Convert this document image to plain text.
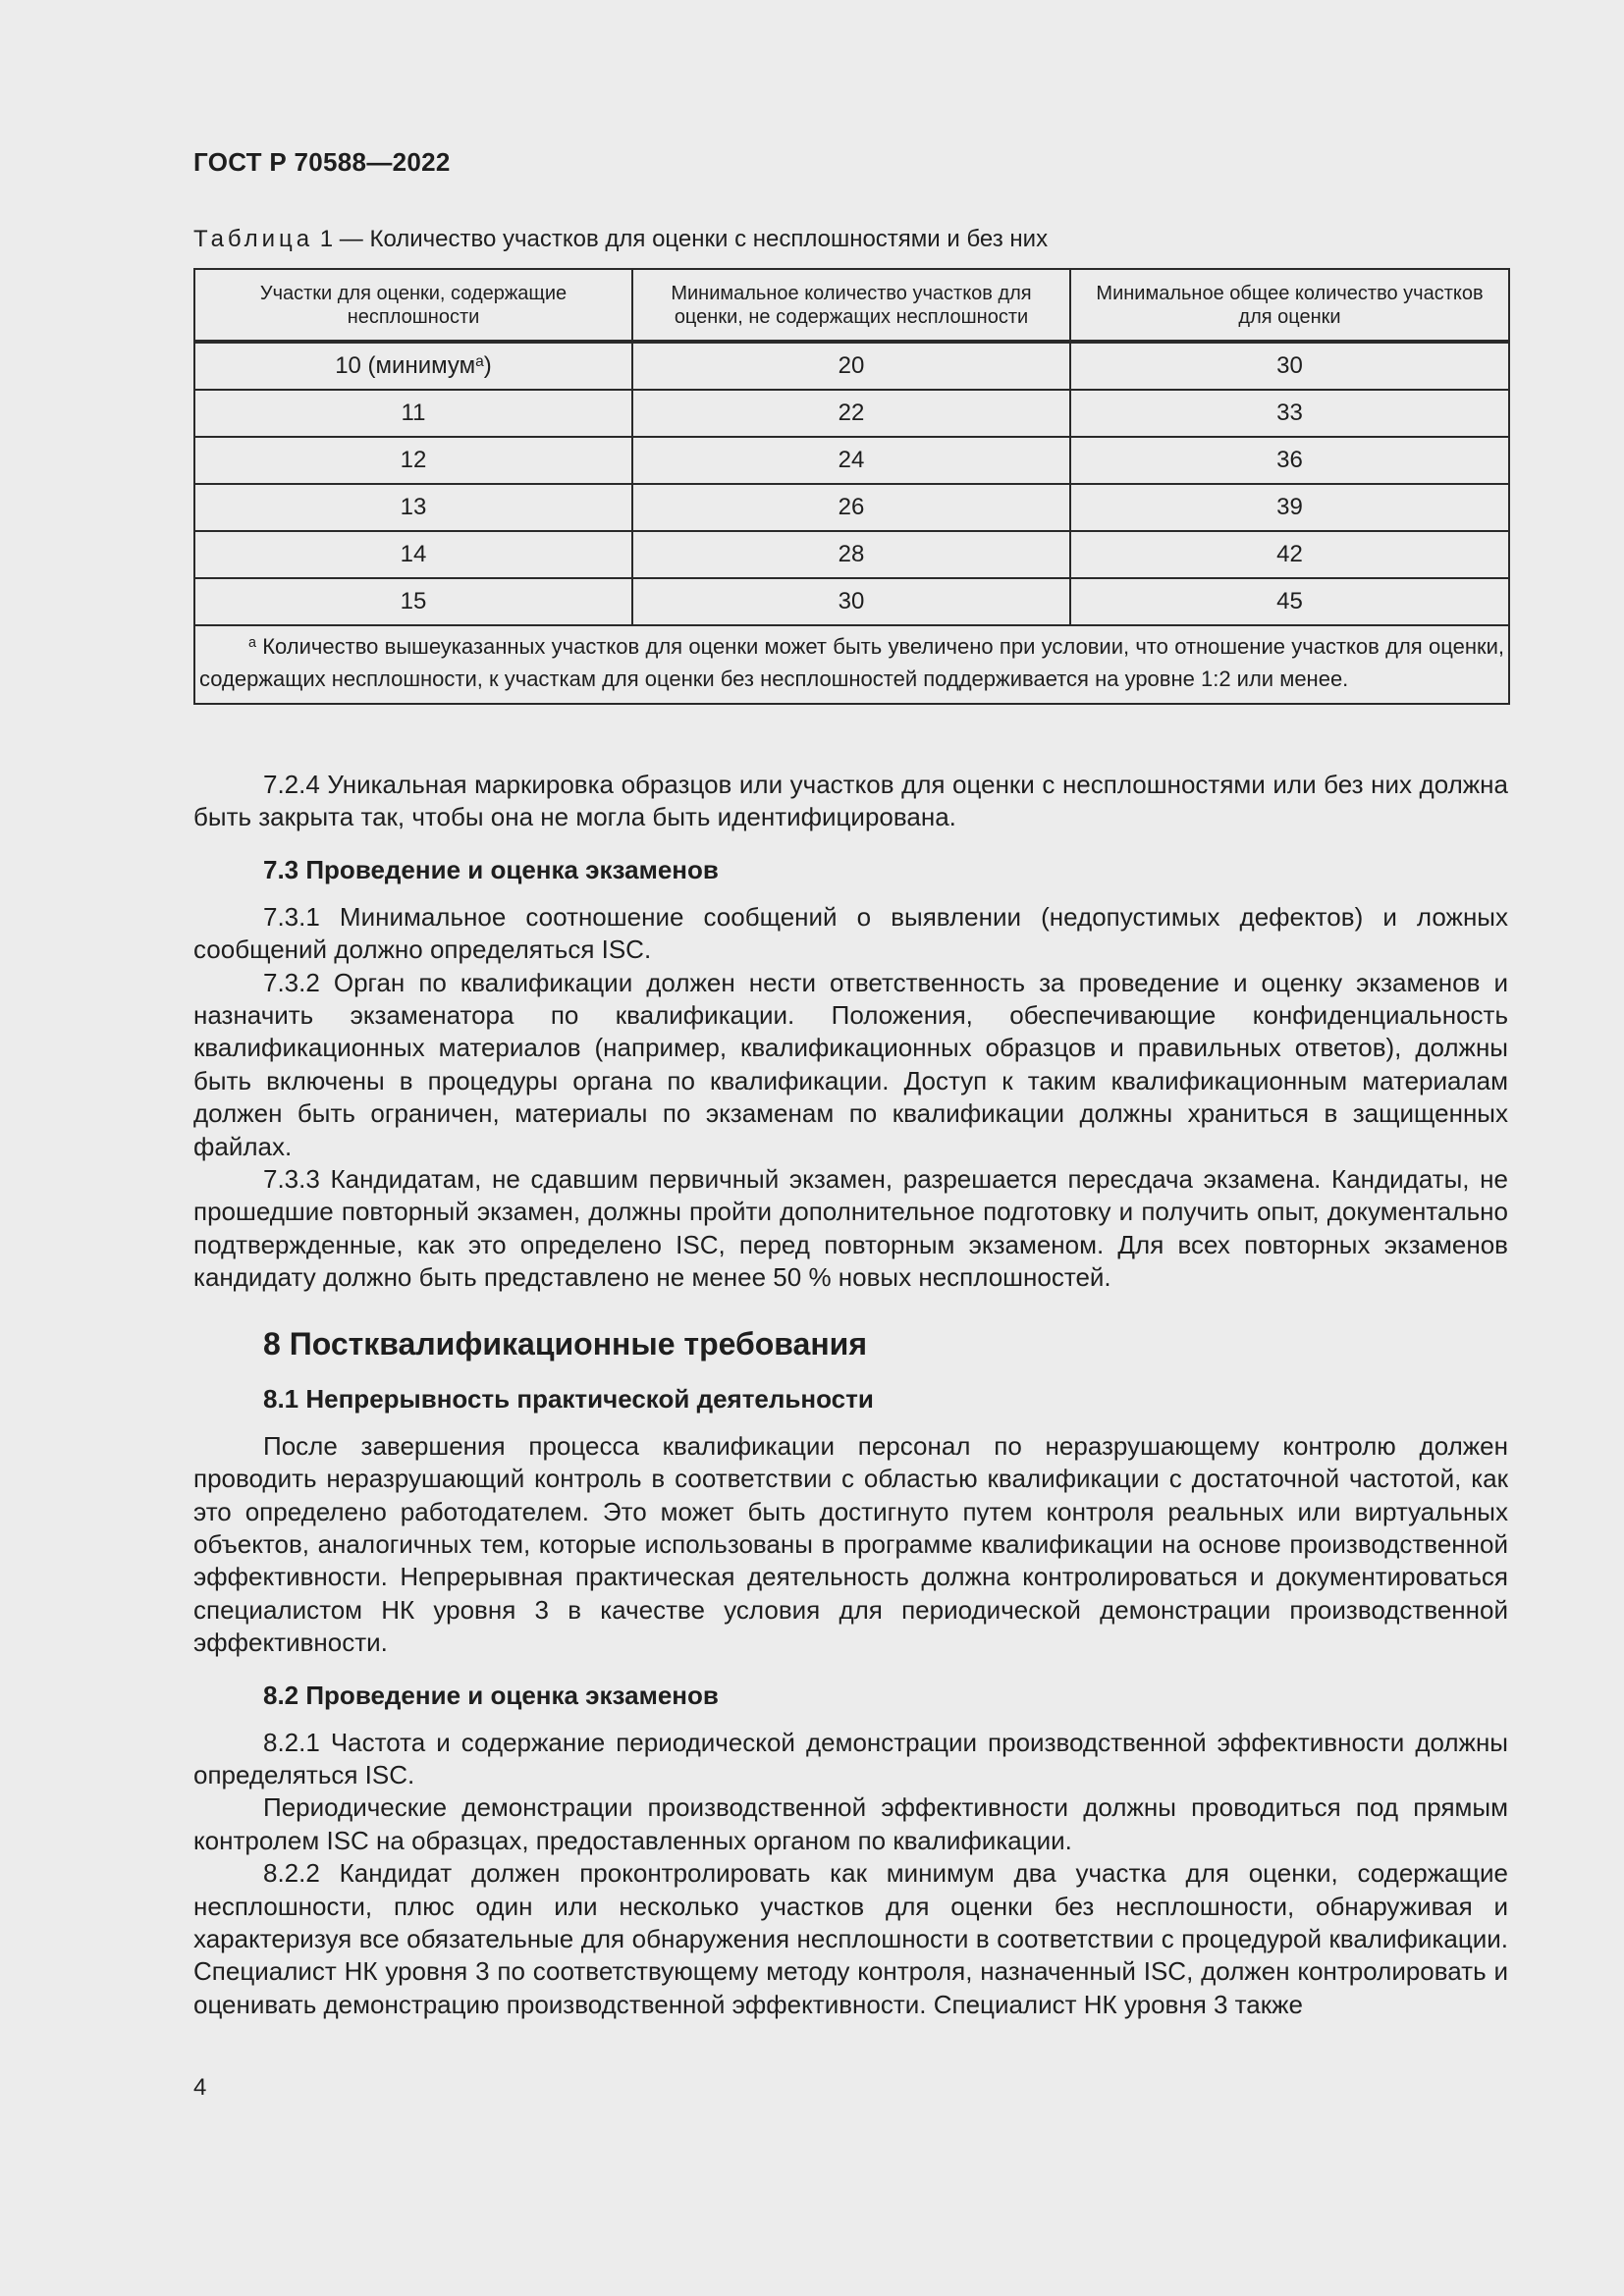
ГОСТ Р 70588—2022
Таблица 1 — Количество участков для оценки с несплошностями и без них
Участки для оценки, содержащие несплошности	Минимальное количество участков для оценки, не содержащих несплошности	Минимальное общее количество участков для оценки
10 (минимум$^a$)	20	30
11	22	33
12	24	36
13	26	39
14	28	42
15	30	45
$^a$ Количество вышеуказанных участков для оценки может быть увеличено при условии, что отношение участков для оценки, содержащих несплошности, к участкам для оценки без несплошностей поддерживается на уровне 1:2 или менее.		

7.2.4 Уникальная маркировка образцов или участков для оценки с несплошностями или без них должна быть закрыта так, чтобы она не могла быть идентифицирована.

7.3 Проведение и оценка экзаменов

7.3.1 Минимальное соотношение сообщений о выявлении (недопустимых дефектов) и ложных сообщений должно определяться ISC.

7.3.2 Орган по квалификации должен нести ответственность за проведение и оценку экзаменов и назначить экзаменатора по квалификации. Положения, обеспечивающие конфиденциальность квалификационных материалов (например, квалификационных образцов и правильных ответов), должны быть включены в процедуры органа по квалификации. Доступ к таким квалификационным материалам должен быть ограничен, материалы по экзаменам по квалификации должны храниться в защищенных файлах.

7.3.3 Кандидатам, не сдавшим первичный экзамен, разрешается пересдача экзамена. Кандидаты, не прошедшие повторный экзамен, должны пройти дополнительное подготовку и получить опыт, документально подтвержденные, как это определено ISC, перед повторным экзаменом. Для всех повторных экзаменов кандидату должно быть представлено не менее 50 % новых несплошностей.

8 Постквалификационные требования
8.1 Непрерывность практической деятельности

После завершения процесса квалификации персонал по неразрушающему контролю должен проводить неразрушающий контроль в соответствии с областью квалификации с достаточной частотой, как это определено работодателем. Это может быть достигнуто путем контроля реальных или виртуальных объектов, аналогичных тем, которые использованы в программе квалификации на основе производственной эффективности. Непрерывная практическая деятельность должна контролироваться и документироваться специалистом НК уровня 3 в качестве условия для периодической демонстрации производственной эффективности.

8.2 Проведение и оценка экзаменов

8.2.1 Частота и содержание периодической демонстрации производственной эффективности должны определяться ISC.

Периодические демонстрации производственной эффективности должны проводиться под прямым контролем ISC на образцах, предоставленных органом по квалификации.

8.2.2 Кандидат должен проконтролировать как минимум два участка для оценки, содержащие несплошности, плюс один или несколько участков для оценки без несплошности, обнаруживая и характеризуя все обязательные для обнаружения несплошности в соответствии с процедурой квалификации. Специалист НК уровня 3 по соответствующему методу контроля, назначенный ISC, должен контролировать и оценивать демонстрацию производственной эффективности. Специалист НК уровня 3 также

4
